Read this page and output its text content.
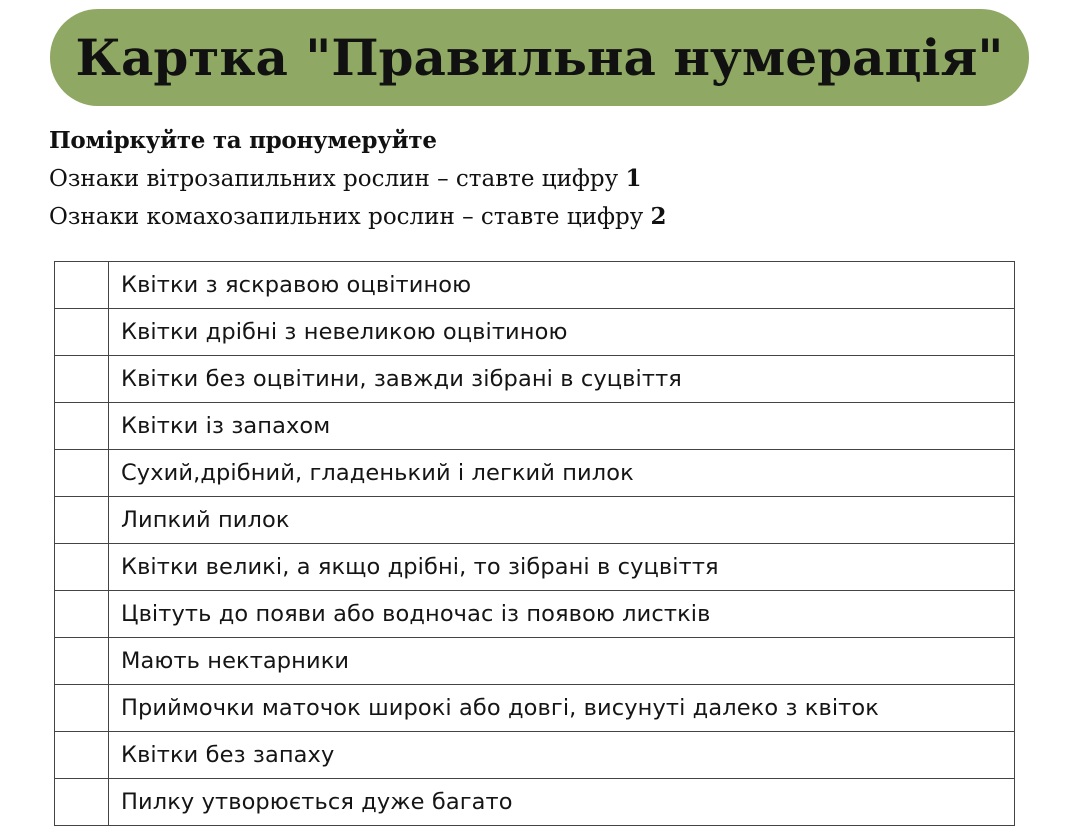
Картка "Правильна нумерація"
Поміркуйте та пронумеруйте
Ознаки вітрозапильних рослин – ставте цифру 1
Ознаки комахозапильних рослин – ставте цифру 2
	Квітки з яскравою оцвітиною
	Квітки дрібні з невеликою оцвітиною
	Квітки без оцвітини, завжди зібрані в суцвіття
	Квітки із запахом
	Сухий,дрібний, гладенький і легкий пилок
	Липкий пилок
	Квітки великі, а якщо дрібні, то зібрані в суцвіття
	Цвітуть до появи або водночас із появою листків
	Мають нектарники
	Приймочки маточок широкі або довгі, висунуті далеко з квіток
	Квітки без запаху
	Пилку утворюється дуже багато
